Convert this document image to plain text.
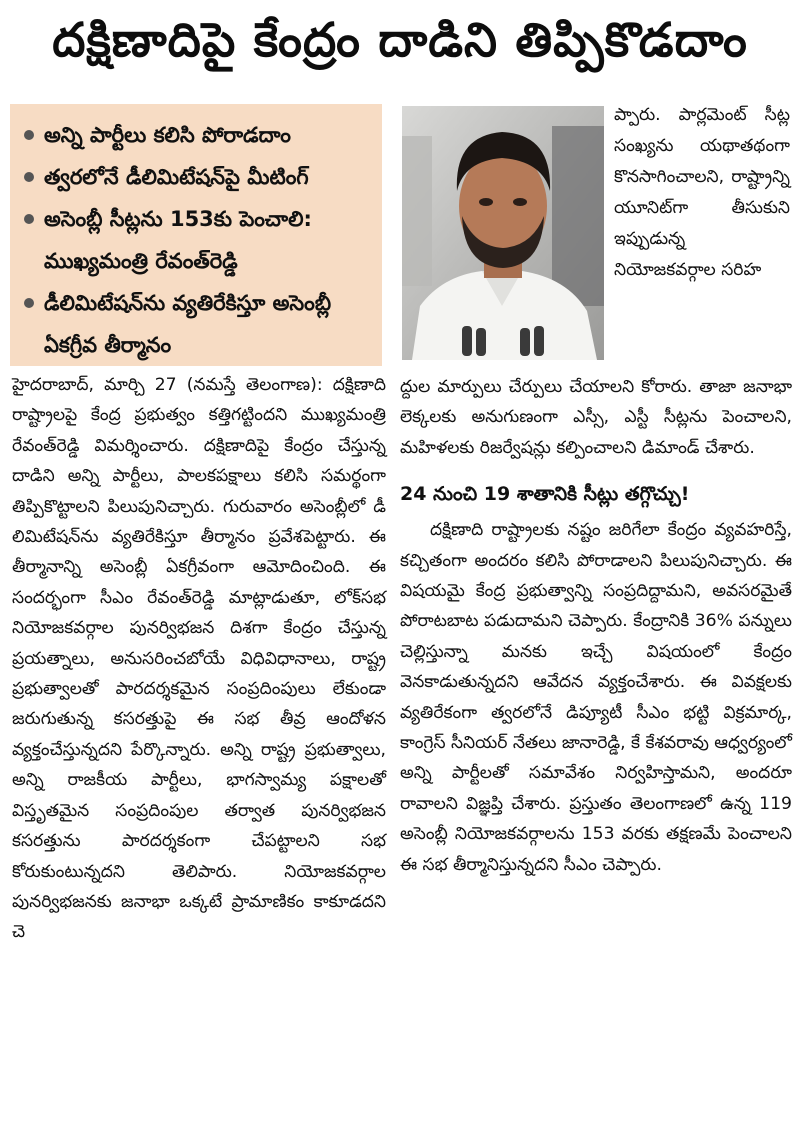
దక్షిణాదిపై కేంద్రం దాడిని తిప్పికొడదాం
అన్ని పార్టీలు కలిసి పోరాడదాం
త్వరలోనే డీలిమిటేషన్‌పై మీటింగ్
అసెంబ్లీ సీట్లను 153కు పెంచాలి: ముఖ్యమంత్రి రేవంత్‌రెడ్డి
డీలిమిటేషన్‌ను వ్యతిరేకిస్తూ అసెంబ్లీ ఏకగ్రీవ తీర్మానం

ప్పారు. పార్లమెంట్ సీట్ల సంఖ్యను యథాతథంగా కొనసాగించాలని, రాష్ట్రాన్ని యూనిట్‌గా తీసుకుని ఇప్పుడున్న నియోజకవర్గాల సరిహ

హైదరాబాద్, మార్చి 27 (నమస్తే తెలంగాణ): దక్షిణాది రాష్ట్రాలపై కేంద్ర ప్రభుత్వం కత్తిగట్టిందని ముఖ్యమంత్రి రేవంత్‌రెడ్డి విమర్శించారు. దక్షిణాదిపై కేంద్రం చేస్తున్న దాడిని అన్ని పార్టీలు, పాలకపక్షాలు కలిసి సమర్థంగా తిప్పికొట్టాలని పిలుపునిచ్చారు. గురువారం అసెంబ్లీలో డీ లిమిటేషన్‌ను వ్యతిరేకిస్తూ తీర్మానం ప్రవేశపెట్టారు. ఈ తీర్మానాన్ని అసెంబ్లీ ఏకగ్రీవంగా ఆమోదించింది. ఈ సందర్భంగా సీఎం రేవంత్‌రెడ్డి మాట్లాడుతూ, లోక్‌సభ నియోజకవర్గాల పునర్విభజన దిశగా కేంద్రం చేస్తున్న ప్రయత్నాలు, అనుసరించబోయే విధివిధానాలు, రాష్ట్ర ప్రభుత్వాలతో పారదర్శకమైన సంప్రదింపులు లేకుండా జరుగుతున్న కసరత్తుపై ఈ సభ తీవ్ర ఆందోళన వ్యక్తంచేస్తున్నదని పేర్కొన్నారు. అన్ని రాష్ట్ర ప్రభుత్వాలు, అన్ని రాజకీయ పార్టీలు, భాగస్వామ్య పక్షాలతో విస్తృతమైన సంప్రదింపుల తర్వాత పునర్విభజన కసరత్తును పారదర్శకంగా చేపట్టాలని సభ కోరుకుంటున్నదని తెలిపారు. నియోజకవర్గాల పునర్విభజనకు జనాభా ఒక్కటే ప్రామాణికం కాకూడదని చె

ద్దుల మార్పులు చేర్పులు చేయాలని కోరారు. తాజా జనాభా లెక్కలకు అనుగుణంగా ఎస్సీ, ఎస్టీ సీట్లను పెంచాలని, మహిళలకు రిజర్వేషన్లు కల్పించాలని డిమాండ్ చేశారు.

24 నుంచి 19 శాతానికి సీట్లు తగ్గొచ్చు!

దక్షిణాది రాష్ట్రాలకు నష్టం జరిగేలా కేంద్రం వ్యవహరిస్తే, కచ్చితంగా అందరం కలిసి పోరాడాలని పిలుపునిచ్చారు. ఈ విషయమై కేంద్ర ప్రభుత్వాన్ని సంప్రదిద్దామని, అవసరమైతే పోరాటబాట పడుదామని చెప్పారు. కేంద్రానికి 36% పన్నులు చెల్లిస్తున్నా మనకు ఇచ్చే విషయంలో కేంద్రం వెనకాడుతున్నదని ఆవేదన వ్యక్తంచేశారు. ఈ వివక్షలకు వ్యతిరేకంగా త్వరలోనే డిప్యూటీ సీఎం భట్టి విక్రమార్క, కాంగ్రెస్ సీనియర్ నేతలు జానారెడ్డి, కే కేశవరావు ఆధ్వర్యంలో అన్ని పార్టీలతో సమావేశం నిర్వహిస్తామని, అందరూ రావాలని విజ్ఞప్తి చేశారు. ప్రస్తుతం తెలంగాణలో ఉన్న 119 అసెంబ్లీ నియోజకవర్గాలను 153 వరకు తక్షణమే పెంచాలని ఈ సభ తీర్మానిస్తున్నదని సీఎం చెప్పారు.
